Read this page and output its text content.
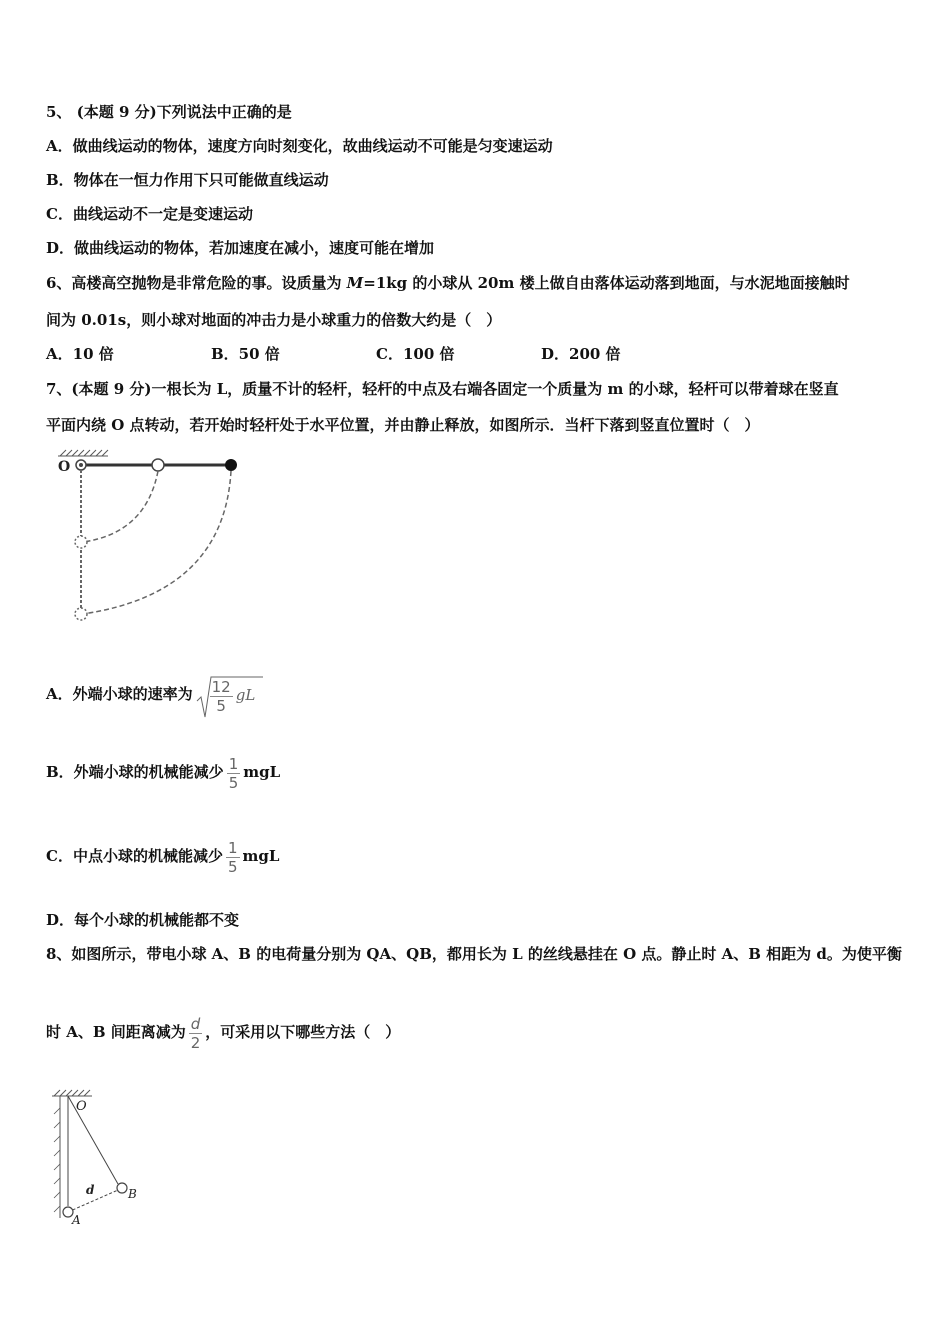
5、 (本题 9 分)下列说法中正确的是
A．做曲线运动的物体，速度方向时刻变化，故曲线运动不可能是匀变速运动
B．物体在一恒力作用下只可能做直线运动
C．曲线运动不一定是变速运动
D．做曲线运动的物体，若加速度在减小，速度可能在增加
6、高楼高空抛物是非常危险的事。设质量为 M=1kg 的小球从 20m 楼上做自由落体运动落到地面，与水泥地面接触时
间为 0.01s，则小球对地面的冲击力是小球重力的倍数大约是（　）
A．10 倍	B．50 倍	C．100 倍	D．200 倍
7、(本题 9 分)一根长为 L，质量不计的轻杆，轻杆的中点及右端各固定一个质量为 m 的小球，轻杆可以带着球在竖直
平面内绕 O 点转动，若开始时轻杆处于水平位置，并由静止释放，如图所示．当杆下落到竖直位置时（　）
O
A．外端小球的速率为 $\frac{12}{5}$ gL
B．外端小球的机械能减少 $\frac{1}{5}$ mgL
C．中点小球的机械能减少 $\frac{1}{5}$ mgL
D．每个小球的机械能都不变
8、如图所示，带电小球 A、B 的电荷量分别为 QA、QB，都用长为 L 的丝线悬挂在 O 点。静止时 A、B 相距为 d。为使平衡
时 A、B 间距离减为 $\frac{d}{2}$ ，可采用以下哪些方法（　）
O
A
B
d
